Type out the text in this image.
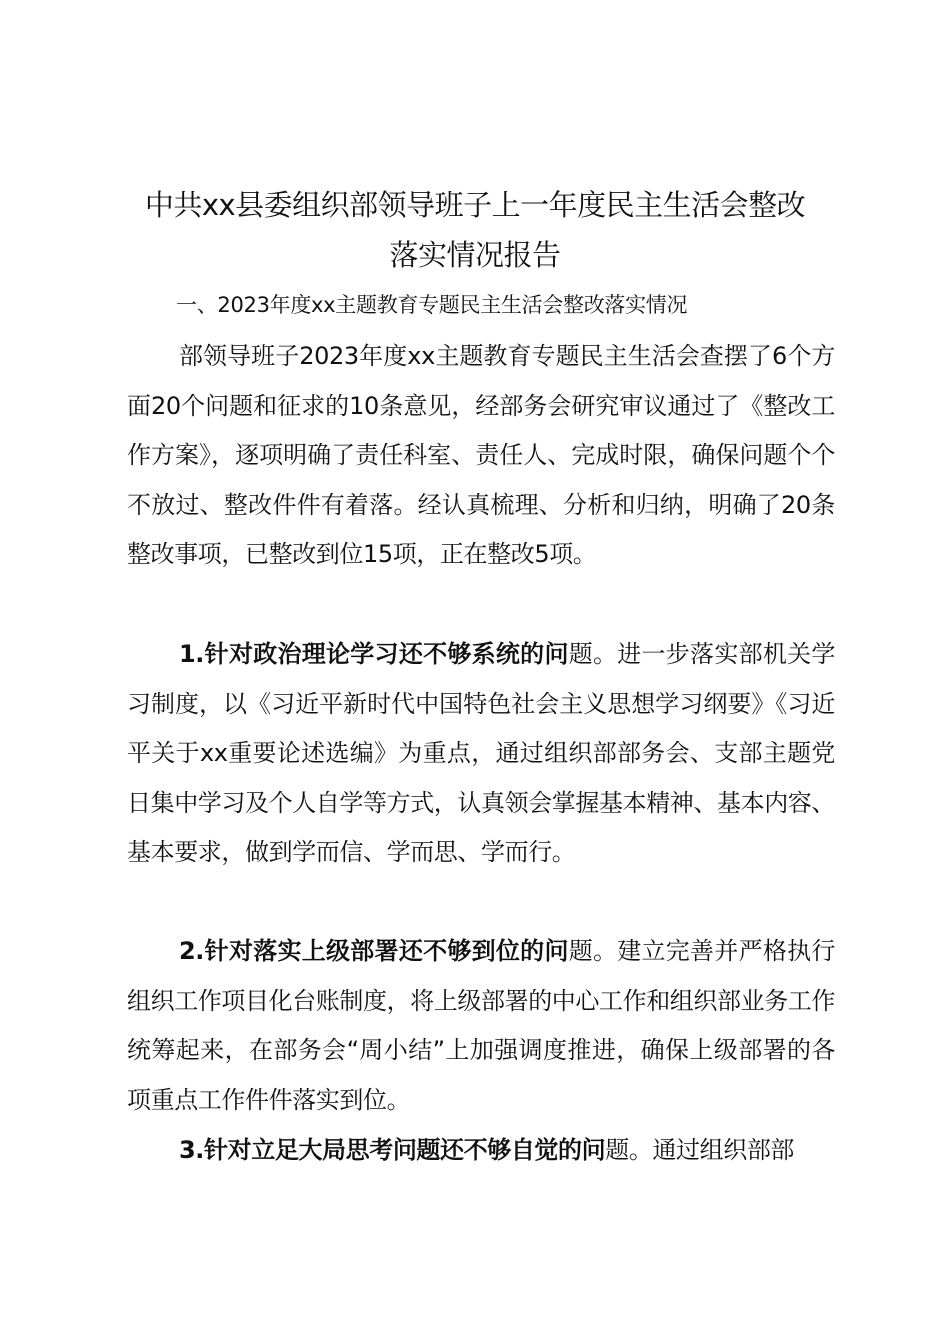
中共xx县委组织部领导班子上一年度民主生活会整改
落实情况报告
一、2023年度xx主题教育专题民主生活会整改落实情况
部领导班子2023年度xx主题教育专题民主生活会查摆了6个方面20个问题和征求的10条意见，经部务会研究审议通过了《整改工作方案》，逐项明确了责任科室、责任人、完成时限，确保问题个个不放过、整改件件有着落。经认真梳理、分析和归纳，明确了20条整改事项，已整改到位15项，正在整改5项。
1.针对政治理论学习还不够系统的问题。进一步落实部机关学习制度，以《习近平新时代中国特色社会主义思想学习纲要》《习近平关于xx重要论述选编》为重点，通过组织部部务会、支部主题党日集中学习及个人自学等方式，认真领会掌握基本精神、基本内容、基本要求，做到学而信、学而思、学而行。
2.针对落实上级部署还不够到位的问题。建立完善并严格执行组织工作项目化台账制度，将上级部署的中心工作和组织部业务工作统筹起来，在部务会“周小结”上加强调度推进，确保上级部署的各项重点工作件件落实到位。
3.针对立足大局思考问题还不够自觉的问题。通过组织部部
